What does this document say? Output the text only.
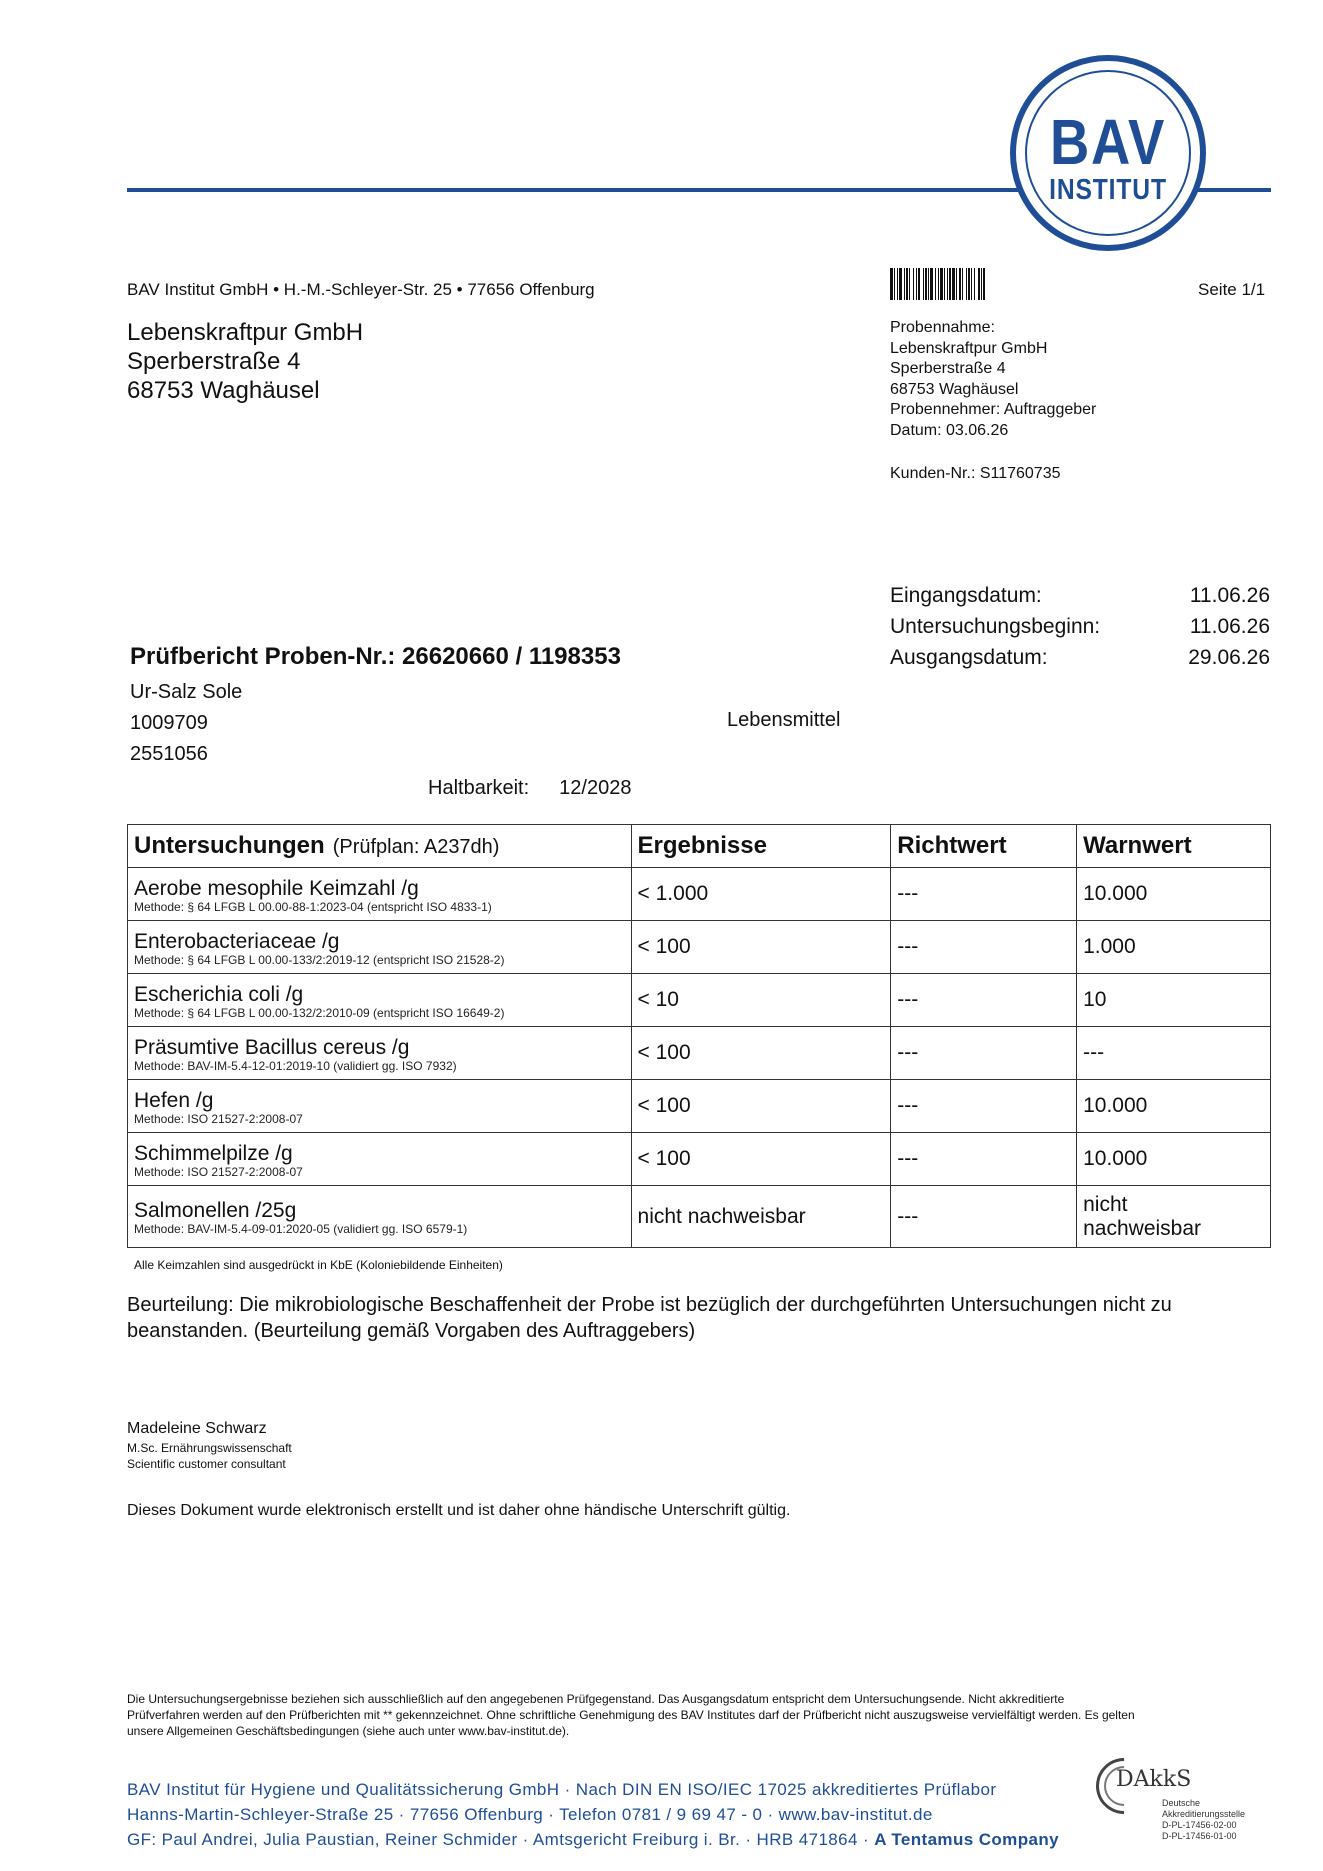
BAV
INSTITUT
BAV Institut GmbH • H.-M.-Schleyer-Str. 25 • 77656 Offenburg	Seite 1/1
Lebenskraftpur GmbH
Sperberstraße 4
68753 Waghäusel
Probennahme:
Lebenskraftpur GmbH
Sperberstraße 4
68753 Waghäusel
Probennehmer: Auftraggeber
Datum: 03.06.26
Kunden-Nr.: S11760735
Eingangsdatum:	11.06.26
Untersuchungsbeginn:	11.06.26
Ausgangsdatum:	29.06.26
Prüfbericht Proben-Nr.: 26620660 / 1198353
Ur-Salz Sole
1009709
2551056
Lebensmittel
Haltbarkeit: 12/2028
Untersuchungen (Prüfplan: A237dh)	Ergebnisse	Richtwert	Warnwert

Aerobe mesophile Keimzahl /g
Methode: § 64 LFGB L 00.00-88-1:2023-04 (entspricht ISO 4833-1)	< 1.000	---	10.000

Enterobacteriaceae /g
Methode: § 64 LFGB L 00.00-133/2:2019-12 (entspricht ISO 21528-2)	< 100	---	1.000

Escherichia coli /g
Methode: § 64 LFGB L 00.00-132/2:2010-09 (entspricht ISO 16649-2)	< 10	---	10

Präsumtive Bacillus cereus /g
Methode: BAV-IM-5.4-12-01:2019-10 (validiert gg. ISO 7932)	< 100	---	---

Hefen /g
Methode: ISO 21527-2:2008-07	< 100	---	10.000

Schimmelpilze /g
Methode: ISO 21527-2:2008-07	< 100	---	10.000

Salmonellen /25g
Methode: BAV-IM-5.4-09-01:2020-05 (validiert gg. ISO 6579-1)	nicht nachweisbar	---	nicht
nachweisbar
Alle Keimzahlen sind ausgedrückt in KbE (Koloniebildende Einheiten)
Beurteilung: Die mikrobiologische Beschaffenheit der Probe ist bezüglich der durchgeführten Untersuchungen nicht zu beanstanden. (Beurteilung gemäß Vorgaben des Auftraggebers)
Madeleine Schwarz
M.Sc. Ernährungswissenschaft
Scientific customer consultant
Dieses Dokument wurde elektronisch erstellt und ist daher ohne händische Unterschrift gültig.
Die Untersuchungsergebnisse beziehen sich ausschließlich auf den angegebenen Prüfgegenstand. Das Ausgangsdatum entspricht dem Untersuchungsende. Nicht akkreditierte
Prüfverfahren werden auf den Prüfberichten mit ** gekennzeichnet. Ohne schriftliche Genehmigung des BAV Institutes darf der Prüfbericht nicht auszugsweise vervielfältigt werden. Es gelten
unsere Allgemeinen Geschäftsbedingungen (siehe auch unter www.bav-institut.de).
BAV Institut für Hygiene und Qualitätssicherung GmbH · Nach DIN EN ISO/IEC 17025 akkreditiertes Prüflabor
Hanns-Martin-Schleyer-Straße 25 · 77656 Offenburg · Telefon 0781 / 9 69 47 - 0 · www.bav-institut.de
GF: Paul Andrei, Julia Paustian, Reiner Schmider · Amtsgericht Freiburg i. Br. · HRB 471864 · A Tentamus Company
DAkkS
Deutsche
Akkreditierungsstelle
D-PL-17456-02-00
D-PL-17456-01-00
